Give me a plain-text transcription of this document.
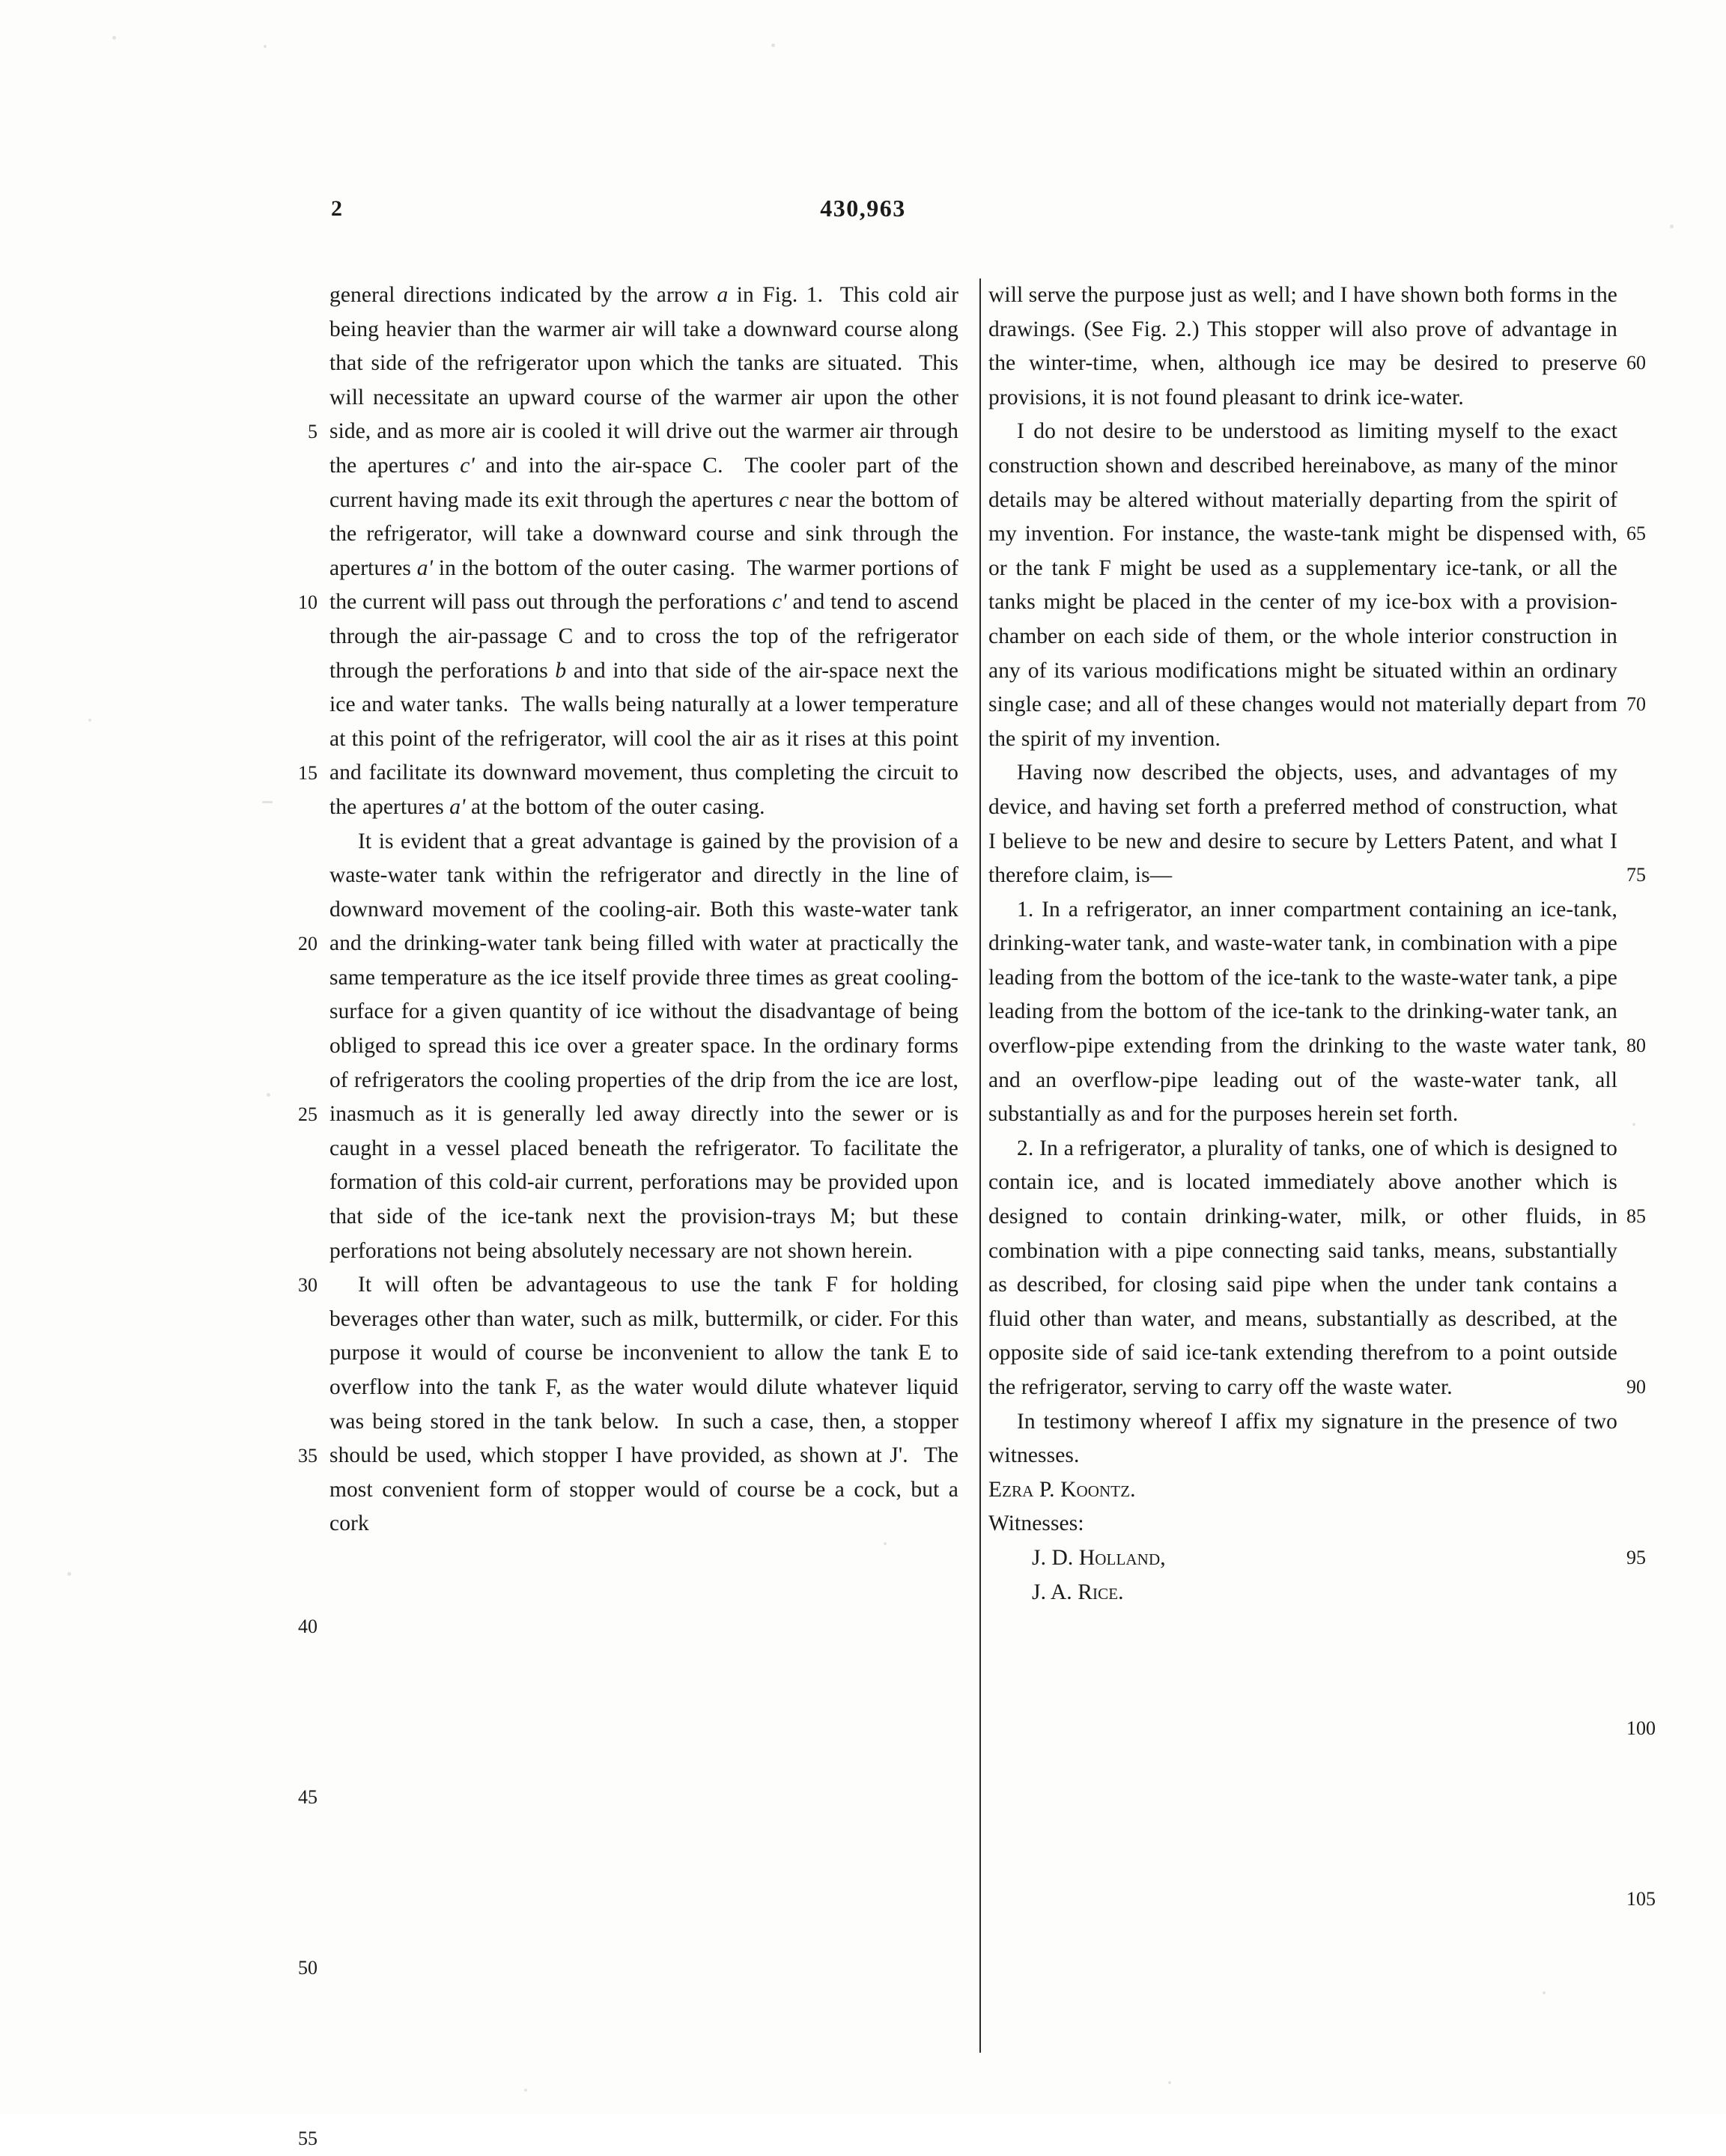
2	430,963
5
10
15
20
25
30
35
40
45
50
55

general directions indicated by the arrow a in Fig. 1.  This cold air being heavier than the warmer air will take a downward course along that side of the refrigerator upon which the tanks are situated.  This will necessitate an upward course of the warmer air upon the other side, and as more air is cooled it will drive out the warmer air through the apertures c' and into the air-space C.  The cooler part of the current having made its exit through the apertures c near the bottom of the refrigerator, will take a downward course and sink through the apertures a' in the bottom of the outer casing.  The warmer portions of the current will pass out through the perforations c' and tend to ascend through the air-passage C and to cross the top of the refrigerator through the perforations b and into that side of the air-space next the ice and water tanks.  The walls being naturally at a lower temperature at this point of the refrigerator, will cool the air as it rises at this point and facilitate its downward movement, thus completing the circuit to the apertures a' at the bottom of the outer casing.

It is evident that a great advantage is gained by the provision of a waste-water tank within the refrigerator and directly in the line of downward movement of the cooling-air. Both this waste-water tank and the drinking-water tank being filled with water at practically the same temperature as the ice itself provide three times as great cooling-surface for a given quantity of ice without the disadvantage of being obliged to spread this ice over a greater space. In the ordinary forms of refrigerators the cooling properties of the drip from the ice are lost, inasmuch as it is generally led away directly into the sewer or is caught in a vessel placed beneath the refrigerator. To facilitate the formation of this cold-air current, perforations may be provided upon that side of the ice-tank next the provision-trays M; but these perforations not being absolutely necessary are not shown herein.

It will often be advantageous to use the tank F for holding beverages other than water, such as milk, buttermilk, or cider. For this purpose it would of course be inconvenient to allow the tank E to overflow into the tank F, as the water would dilute whatever liquid was being stored in the tank below.  In such a case, then, a stopper should be used, which stopper I have provided, as shown at J'.  The most convenient form of stopper would of course be a cock, but a cork

60
65
70
75
80
85
90
95
100
105

will serve the purpose just as well; and I have shown both forms in the drawings. (See Fig. 2.) This stopper will also prove of advantage in the winter-time, when, although ice may be desired to preserve provisions, it is not found pleasant to drink ice-water.

I do not desire to be understood as limiting myself to the exact construction shown and described hereinabove, as many of the minor details may be altered without materially departing from the spirit of my invention. For instance, the waste-tank might be dispensed with, or the tank F might be used as a supplementary ice-tank, or all the tanks might be placed in the center of my ice-box with a provision-chamber on each side of them, or the whole interior construction in any of its various modifications might be situated within an ordinary single case; and all of these changes would not materially depart from the spirit of my invention.

Having now described the objects, uses, and advantages of my device, and having set forth a preferred method of construction, what I believe to be new and desire to secure by Letters Patent, and what I therefore claim, is—

1. In a refrigerator, an inner compartment containing an ice-tank, drinking-water tank, and waste-water tank, in combination with a pipe leading from the bottom of the ice-tank to the waste-water tank, a pipe leading from the bottom of the ice-tank to the drinking-water tank, an overflow-pipe extending from the drinking to the waste water tank, and an overflow-pipe leading out of the waste-water tank, all substantially as and for the purposes herein set forth.

2. In a refrigerator, a plurality of tanks, one of which is designed to contain ice, and is located immediately above another which is designed to contain drinking-water, milk, or other fluids, in combination with a pipe connecting said tanks, means, substantially as described, for closing said pipe when the under tank contains a fluid other than water, and means, substantially as described, at the opposite side of said ice-tank extending therefrom to a point outside the refrigerator, serving to carry off the waste water.

In testimony whereof I affix my signature in the presence of two witnesses.

Ezra P. Koontz.

Witnesses:

J. D. Holland,

J. A. Rice.
